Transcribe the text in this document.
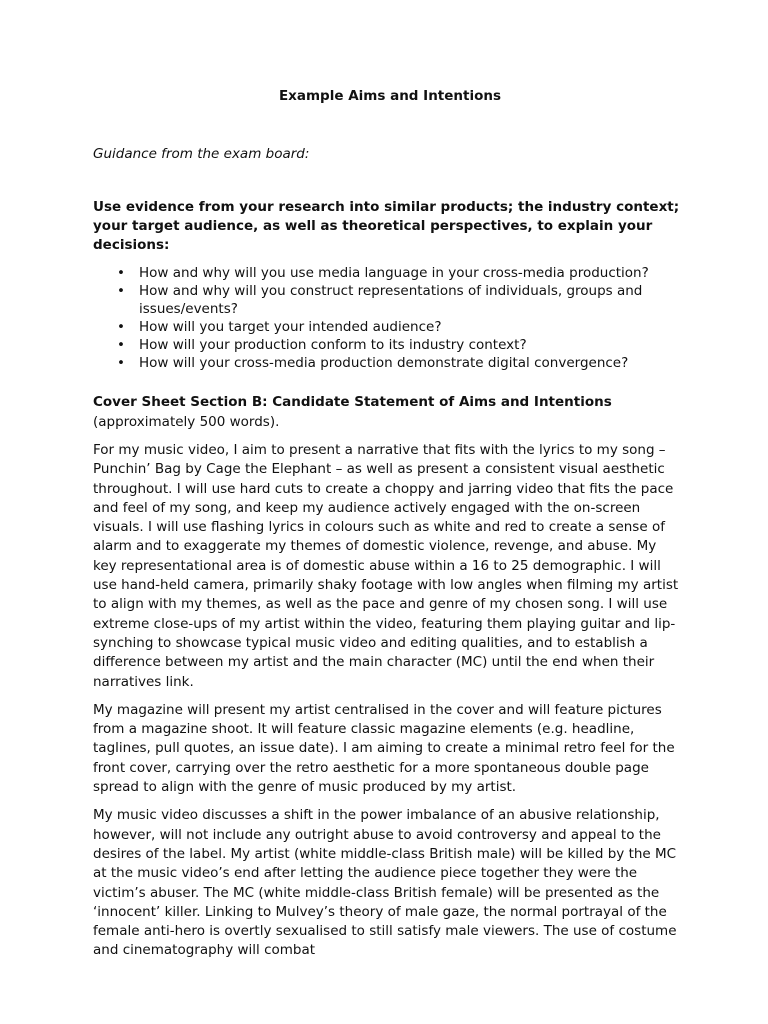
Example Aims and Intentions

Guidance from the exam board:

Use evidence from your research into similar products; the industry context; your target audience, as well as theoretical perspectives, to explain your decisions:

• How and why will you use media language in your cross-media production?
• How and why will you construct representations of individuals, groups and issues/events?
• How will you target your intended audience?
• How will your production conform to its industry context?
• How will your cross-media production demonstrate digital convergence?

Cover Sheet Section B: Candidate Statement of Aims and Intentions (approximately 500 words).

For my music video, I aim to present a narrative that fits with the lyrics to my song – Punchin’ Bag by Cage the Elephant – as well as present a consistent visual aesthetic throughout. I will use hard cuts to create a choppy and jarring video that fits the pace and feel of my song, and keep my audience actively engaged with the on-screen visuals. I will use flashing lyrics in colours such as white and red to create a sense of alarm and to exaggerate my themes of domestic violence, revenge, and abuse. My key representational area is of domestic abuse within a 16 to 25 demographic. I will use hand-held camera, primarily shaky footage with low angles when filming my artist to align with my themes, as well as the pace and genre of my chosen song. I will use extreme close-ups of my artist within the video, featuring them playing guitar and lip-synching to showcase typical music video and editing qualities, and to establish a difference between my artist and the main character (MC) until the end when their narratives link.

My magazine will present my artist centralised in the cover and will feature pictures from a magazine shoot. It will feature classic magazine elements (e.g. headline, taglines, pull quotes, an issue date). I am aiming to create a minimal retro feel for the front cover, carrying over the retro aesthetic for a more spontaneous double page spread to align with the genre of music produced by my artist.

My music video discusses a shift in the power imbalance of an abusive relationship, however, will not include any outright abuse to avoid controversy and appeal to the desires of the label. My artist (white middle-class British male) will be killed by the MC at the music video’s end after letting the audience piece together they were the victim’s abuser. The MC (white middle-class British female) will be presented as the ‘innocent’ killer. Linking to Mulvey’s theory of male gaze, the normal portrayal of the female anti-hero is overtly sexualised to still satisfy male viewers. The use of costume and cinematography will combat
